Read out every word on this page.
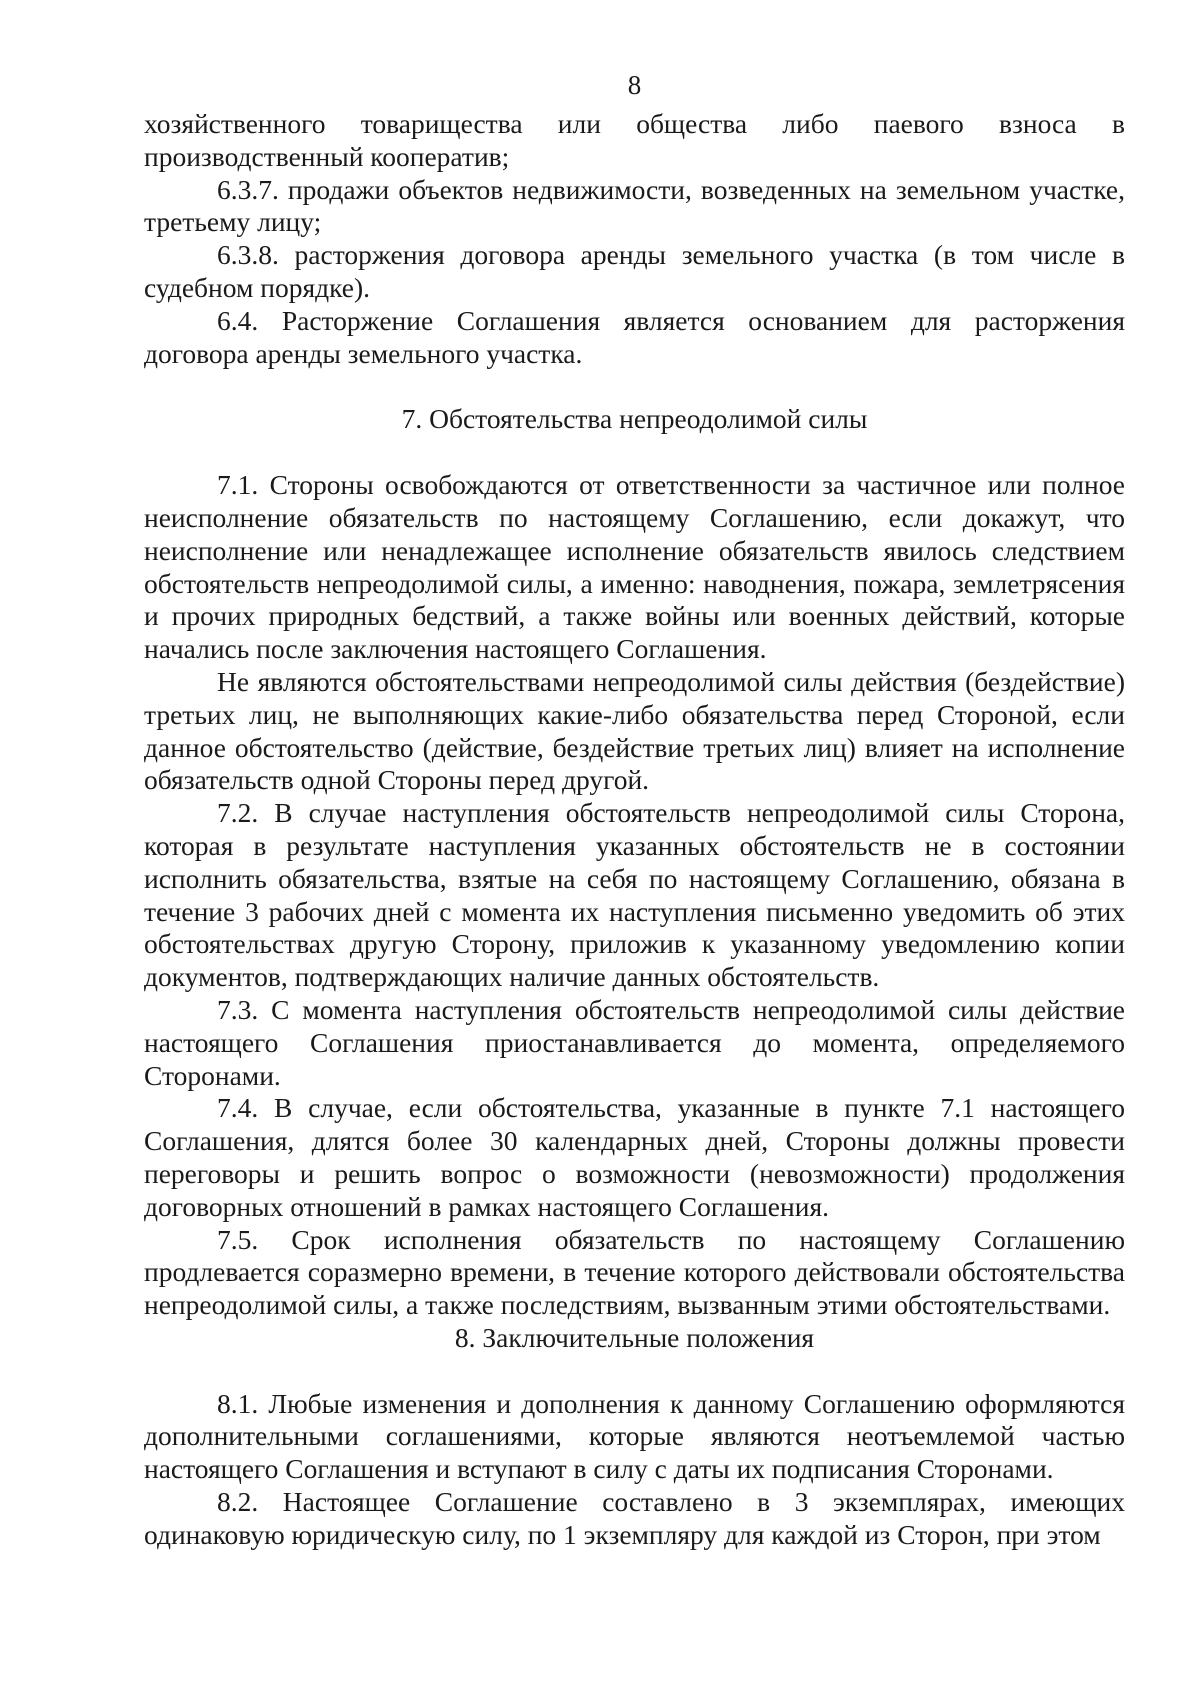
8

хозяйственного товарищества или общества либо паевого взноса в производственный кооператив;

6.3.7. продажи объектов недвижимости, возведенных на земельном участке, третьему лицу;

6.3.8. расторжения договора аренды земельного участка (в том числе в судебном порядке).

6.4. Расторжение Соглашения является основанием для расторжения договора аренды земельного участка.

7. Обстоятельства непреодолимой силы

7.1. Стороны освобождаются от ответственности за частичное или полное неисполнение обязательств по настоящему Соглашению, если докажут, что неисполнение или ненадлежащее исполнение обязательств явилось следствием обстоятельств непреодолимой силы, а именно: наводнения, пожара, землетрясения и прочих природных бедствий, а также войны или военных действий, которые начались после заключения настоящего Соглашения.

Не являются обстоятельствами непреодолимой силы действия (бездействие) третьих лиц, не выполняющих какие-либо обязательства перед Стороной, если данное обстоятельство (действие, бездействие третьих лиц) влияет на исполнение обязательств одной Стороны перед другой.

7.2. В случае наступления обстоятельств непреодолимой силы Сторона, которая в результате наступления указанных обстоятельств не в состоянии исполнить обязательства, взятые на себя по настоящему Соглашению, обязана в течение 3 рабочих дней с момента их наступления письменно уведомить об этих обстоятельствах другую Сторону, приложив к указанному уведомлению копии документов, подтверждающих наличие данных обстоятельств.

7.3. С момента наступления обстоятельств непреодолимой силы действие настоящего Соглашения приостанавливается до момента, определяемого Сторонами.

7.4. В случае, если обстоятельства, указанные в пункте 7.1 настоящего Соглашения, длятся более 30 календарных дней, Стороны должны провести переговоры и решить вопрос о возможности (невозможности) продолжения договорных отношений в рамках настоящего Соглашения.

7.5. Срок исполнения обязательств по настоящему Соглашению продлевается соразмерно времени, в течение которого действовали обстоятельства непреодолимой силы, а также последствиям, вызванным этими обстоятельствами.

8. Заключительные положения

8.1. Любые изменения и дополнения к данному Соглашению оформляются дополнительными соглашениями, которые являются неотъемлемой частью настоящего Соглашения и вступают в силу с даты их подписания Сторонами.

8.2. Настоящее Соглашение составлено в 3 экземплярах, имеющих одинаковую юридическую силу, по 1 экземпляру для каждой из Сторон, при этом
